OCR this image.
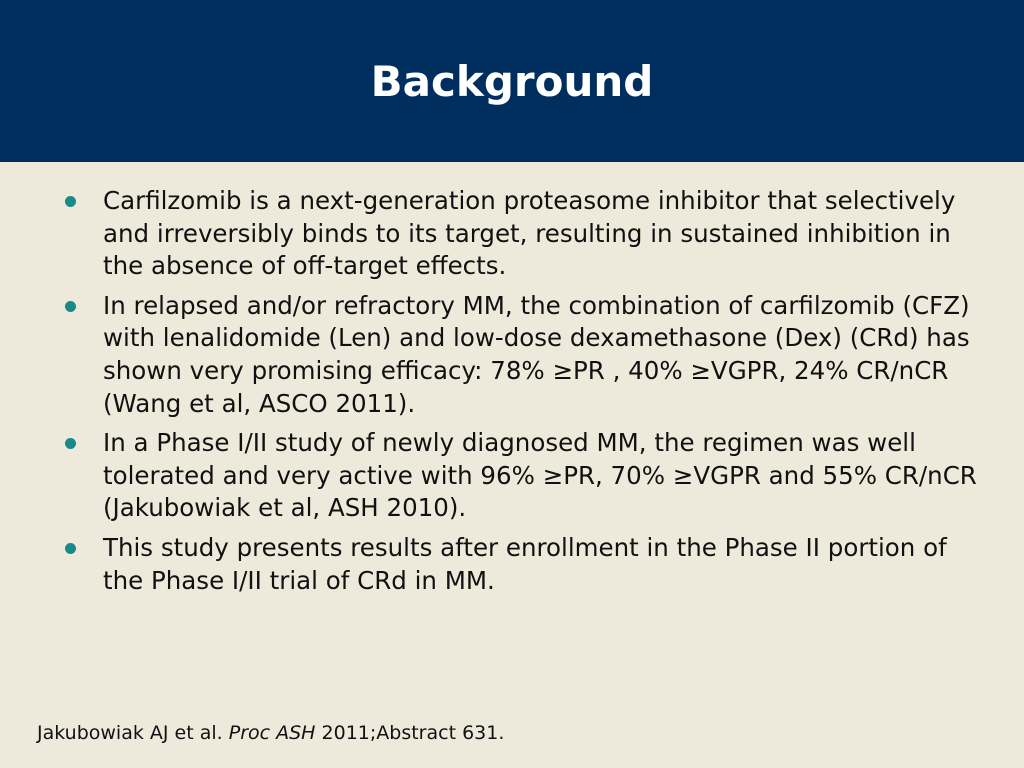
Background
Carfilzomib is a next-generation proteasome inhibitor that selectively and irreversibly binds to its target, resulting in sustained inhibition in the absence of off-target effects.
In relapsed and/or refractory MM, the combination of carfilzomib (CFZ) with lenalidomide (Len) and low-dose dexamethasone (Dex) (CRd) has shown very promising efficacy: 78% ≥PR , 40% ≥VGPR, 24% CR/nCR (Wang et al, ASCO 2011).
In a Phase I/II study of newly diagnosed MM, the regimen was well tolerated and very active with 96% ≥PR, 70% ≥VGPR and 55% CR/nCR (Jakubowiak et al, ASH 2010).
This study presents results after enrollment in the Phase II portion of the Phase I/II trial of CRd in MM.
Jakubowiak AJ et al. Proc ASH 2011;Abstract 631.
